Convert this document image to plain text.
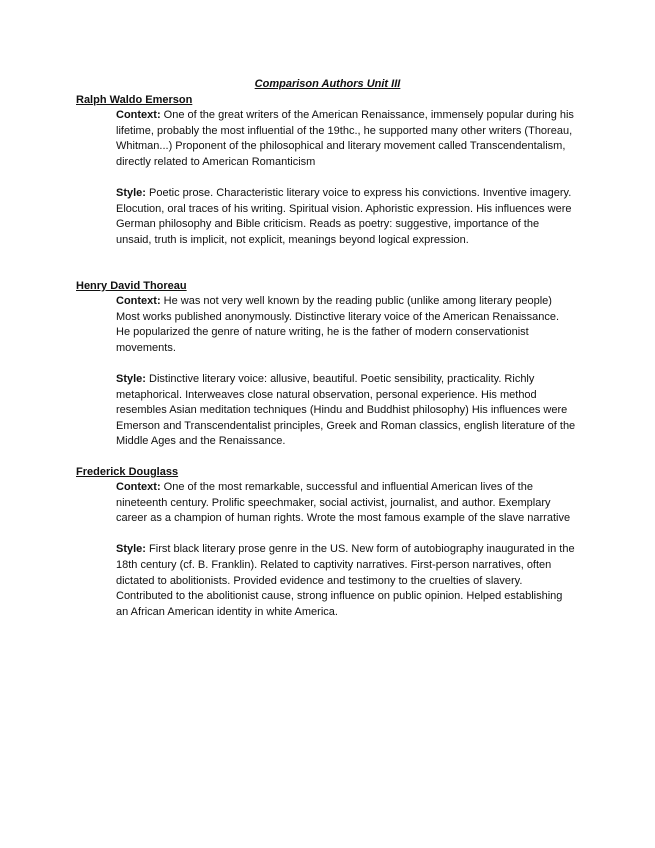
Comparison Authors Unit III
Ralph Waldo Emerson

Context: One of the great writers of the American Renaissance, immensely popular during his lifetime, probably the most influential of the 19thc., he supported many other writers (Thoreau, Whitman...) Proponent of the philosophical and literary movement called Transcendentalism, directly related to American Romanticism

Style: Poetic prose. Characteristic literary voice to express his convictions. Inventive imagery. Elocution, oral traces of his writing. Spiritual vision. Aphoristic expression. His influences were German philosophy and Bible criticism. Reads as poetry: suggestive, importance of the unsaid, truth is implicit, not explicit, meanings beyond logical expression.

Henry David Thoreau

Context: He was not very well known by the reading public (unlike among literary people) Most works published anonymously. Distinctive literary voice of the American Renaissance. He popularized the genre of nature writing, he is the father of modern conservationist movements.

Style: Distinctive literary voice: allusive, beautiful. Poetic sensibility, practicality. Richly metaphorical. Interweaves close natural observation, personal experience. His method resembles Asian meditation techniques (Hindu and Buddhist philosophy) His influences were Emerson and Transcendentalist principles, Greek and Roman classics, english literature of the Middle Ages and the Renaissance.

Frederick Douglass

Context: One of the most remarkable, successful and influential American lives of the nineteenth century. Prolific speechmaker, social activist, journalist, and author. Exemplary career as a champion of human rights. Wrote the most famous example of the slave narrative

Style: First black literary prose genre in the US. New form of autobiography inaugurated in the 18th century (cf. B. Franklin). Related to captivity narratives. First-person narratives, often dictated to abolitionists. Provided evidence and testimony to the cruelties of slavery. Contributed to the abolitionist cause, strong influence on public opinion. Helped establishing an African American identity in white America.
